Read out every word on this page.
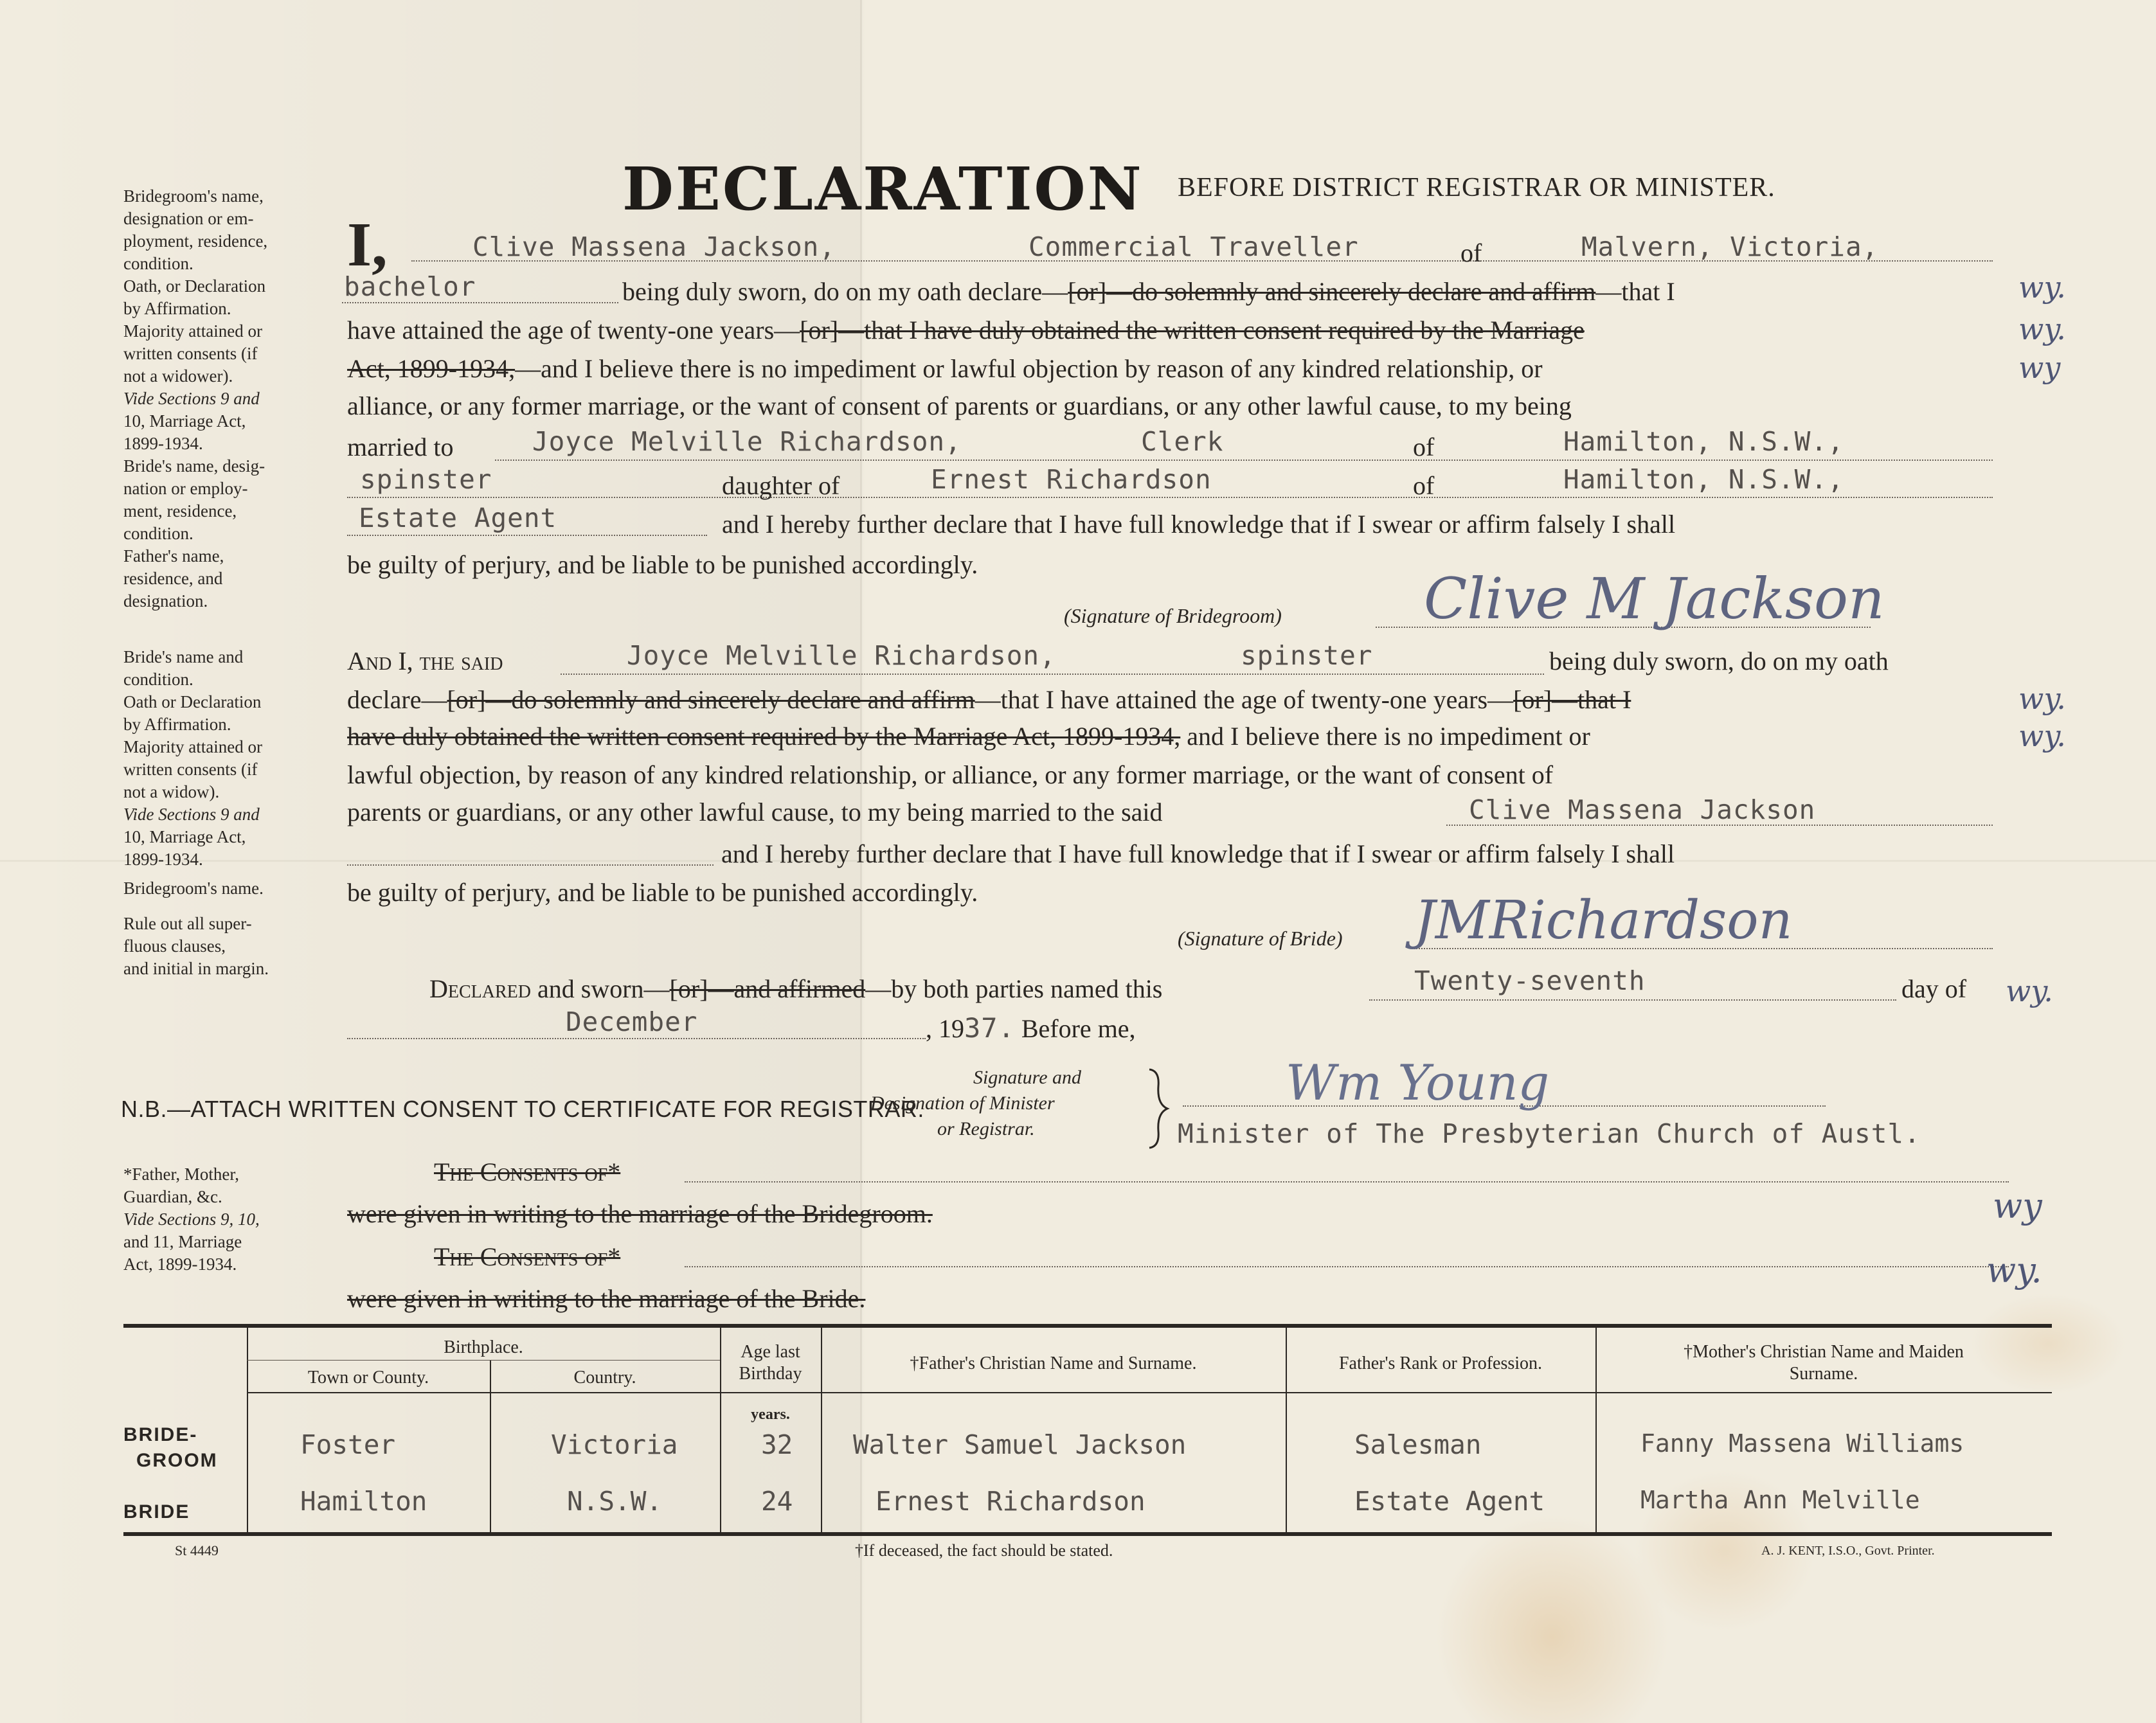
Bridegroom's name,
designation or em-
ployment, residence,
condition.
Oath, or Declaration
by Affirmation.
Majority attained or
written consents (if
not a widower).
Vide Sections 9 and
10, Marriage Act,
1899-1934.
Bride's name, desig-
nation or employ-
ment, residence,
condition.
Father's name,
residence, and
designation.
Bride's name and
condition.
Oath or Declaration
by Affirmation.
Majority attained or
written consents (if
not a widow).
Vide Sections 9 and
10, Marriage Act,
1899-1934.
Bridegroom's name.
Rule out all super-
fluous clauses,
and initial in margin.
*Father, Mother,
Guardian, &c.
Vide Sections 9, 10,
and 11, Marriage
Act, 1899-1934.
DECLARATION BEFORE DISTRICT REGISTRAR OR MINISTER.
I,	Clive Massena Jackson,	Commercial Traveller	of	Malvern, Victoria,
bachelor	being duly sworn, do on my oath declare—[or]—do solemnly and sincerely declare and affirm—that I
have attained the age of twenty-one years—[or]—that I have duly obtained the written consent required by the Marriage
Act, 1899-1934,—and I believe there is no impediment or lawful objection by reason of any kindred relationship, or
alliance, or any former marriage, or the want of consent of parents or guardians, or any other lawful cause, to my being
married to	Joyce Melville Richardson,	Clerk	of	Hamilton, N.S.W.,
spinster	daughter of	Ernest Richardson	of	Hamilton, N.S.W.,
Estate Agent	and I hereby further declare that I have full knowledge that if I swear or affirm falsely I shall
be guilty of perjury, and be liable to be punished accordingly.
(Signature of Bridegroom)	Clive M Jackson
And I, the said	Joyce Melville Richardson,	spinster	being duly sworn, do on my oath
declare—[or]—do solemnly and sincerely declare and affirm—that I have attained the age of twenty-one years—[or]—that I
have duly obtained the written consent required by the Marriage Act, 1899-1934, and I believe there is no impediment or
lawful objection, by reason of any kindred relationship, or alliance, or any former marriage, or the want of consent of
parents or guardians, or any other lawful cause, to my being married to the said	Clive Massena Jackson
and I hereby further declare that I have full knowledge that if I swear or affirm falsely I shall
be guilty of perjury, and be liable to be punished accordingly.
(Signature of Bride) JMRichardson
Declared and sworn—[or]—and affirmed—by both parties named this	Twenty-seventh	day of
December	, 1937. Before me,
Signature and
Designation of Minister
or Registrar.
Wm Young
Minister of The Presbyterian Church of Austl.
N.B.—ATTACH WRITTEN CONSENT TO CERTIFICATE FOR REGISTRAR.
The Consents of*
were given in writing to the marriage of the Bridegroom.
The Consents of*
were given in writing to the marriage of the Bride.
wy.
wy.
wy
wy.
wy.
wy.
wy
wy.
Birthplace.
Town or County.	Country.
Age last
Birthday
†Father's Christian Name and Surname.	Father's Rank or Profession.
†Mother's Christian Name and Maiden
Surname.
years.
BRIDE-
GROOM
BRIDE
Foster	Victoria	32 Walter Samuel Jackson	Salesman	Fanny Massena Williams
Hamilton	N.S.W.	24	Ernest Richardson	Estate Agent	Martha Ann Melville
St 4449	†If deceased, the fact should be stated.	A. J. KENT, I.S.O., Govt. Printer.
